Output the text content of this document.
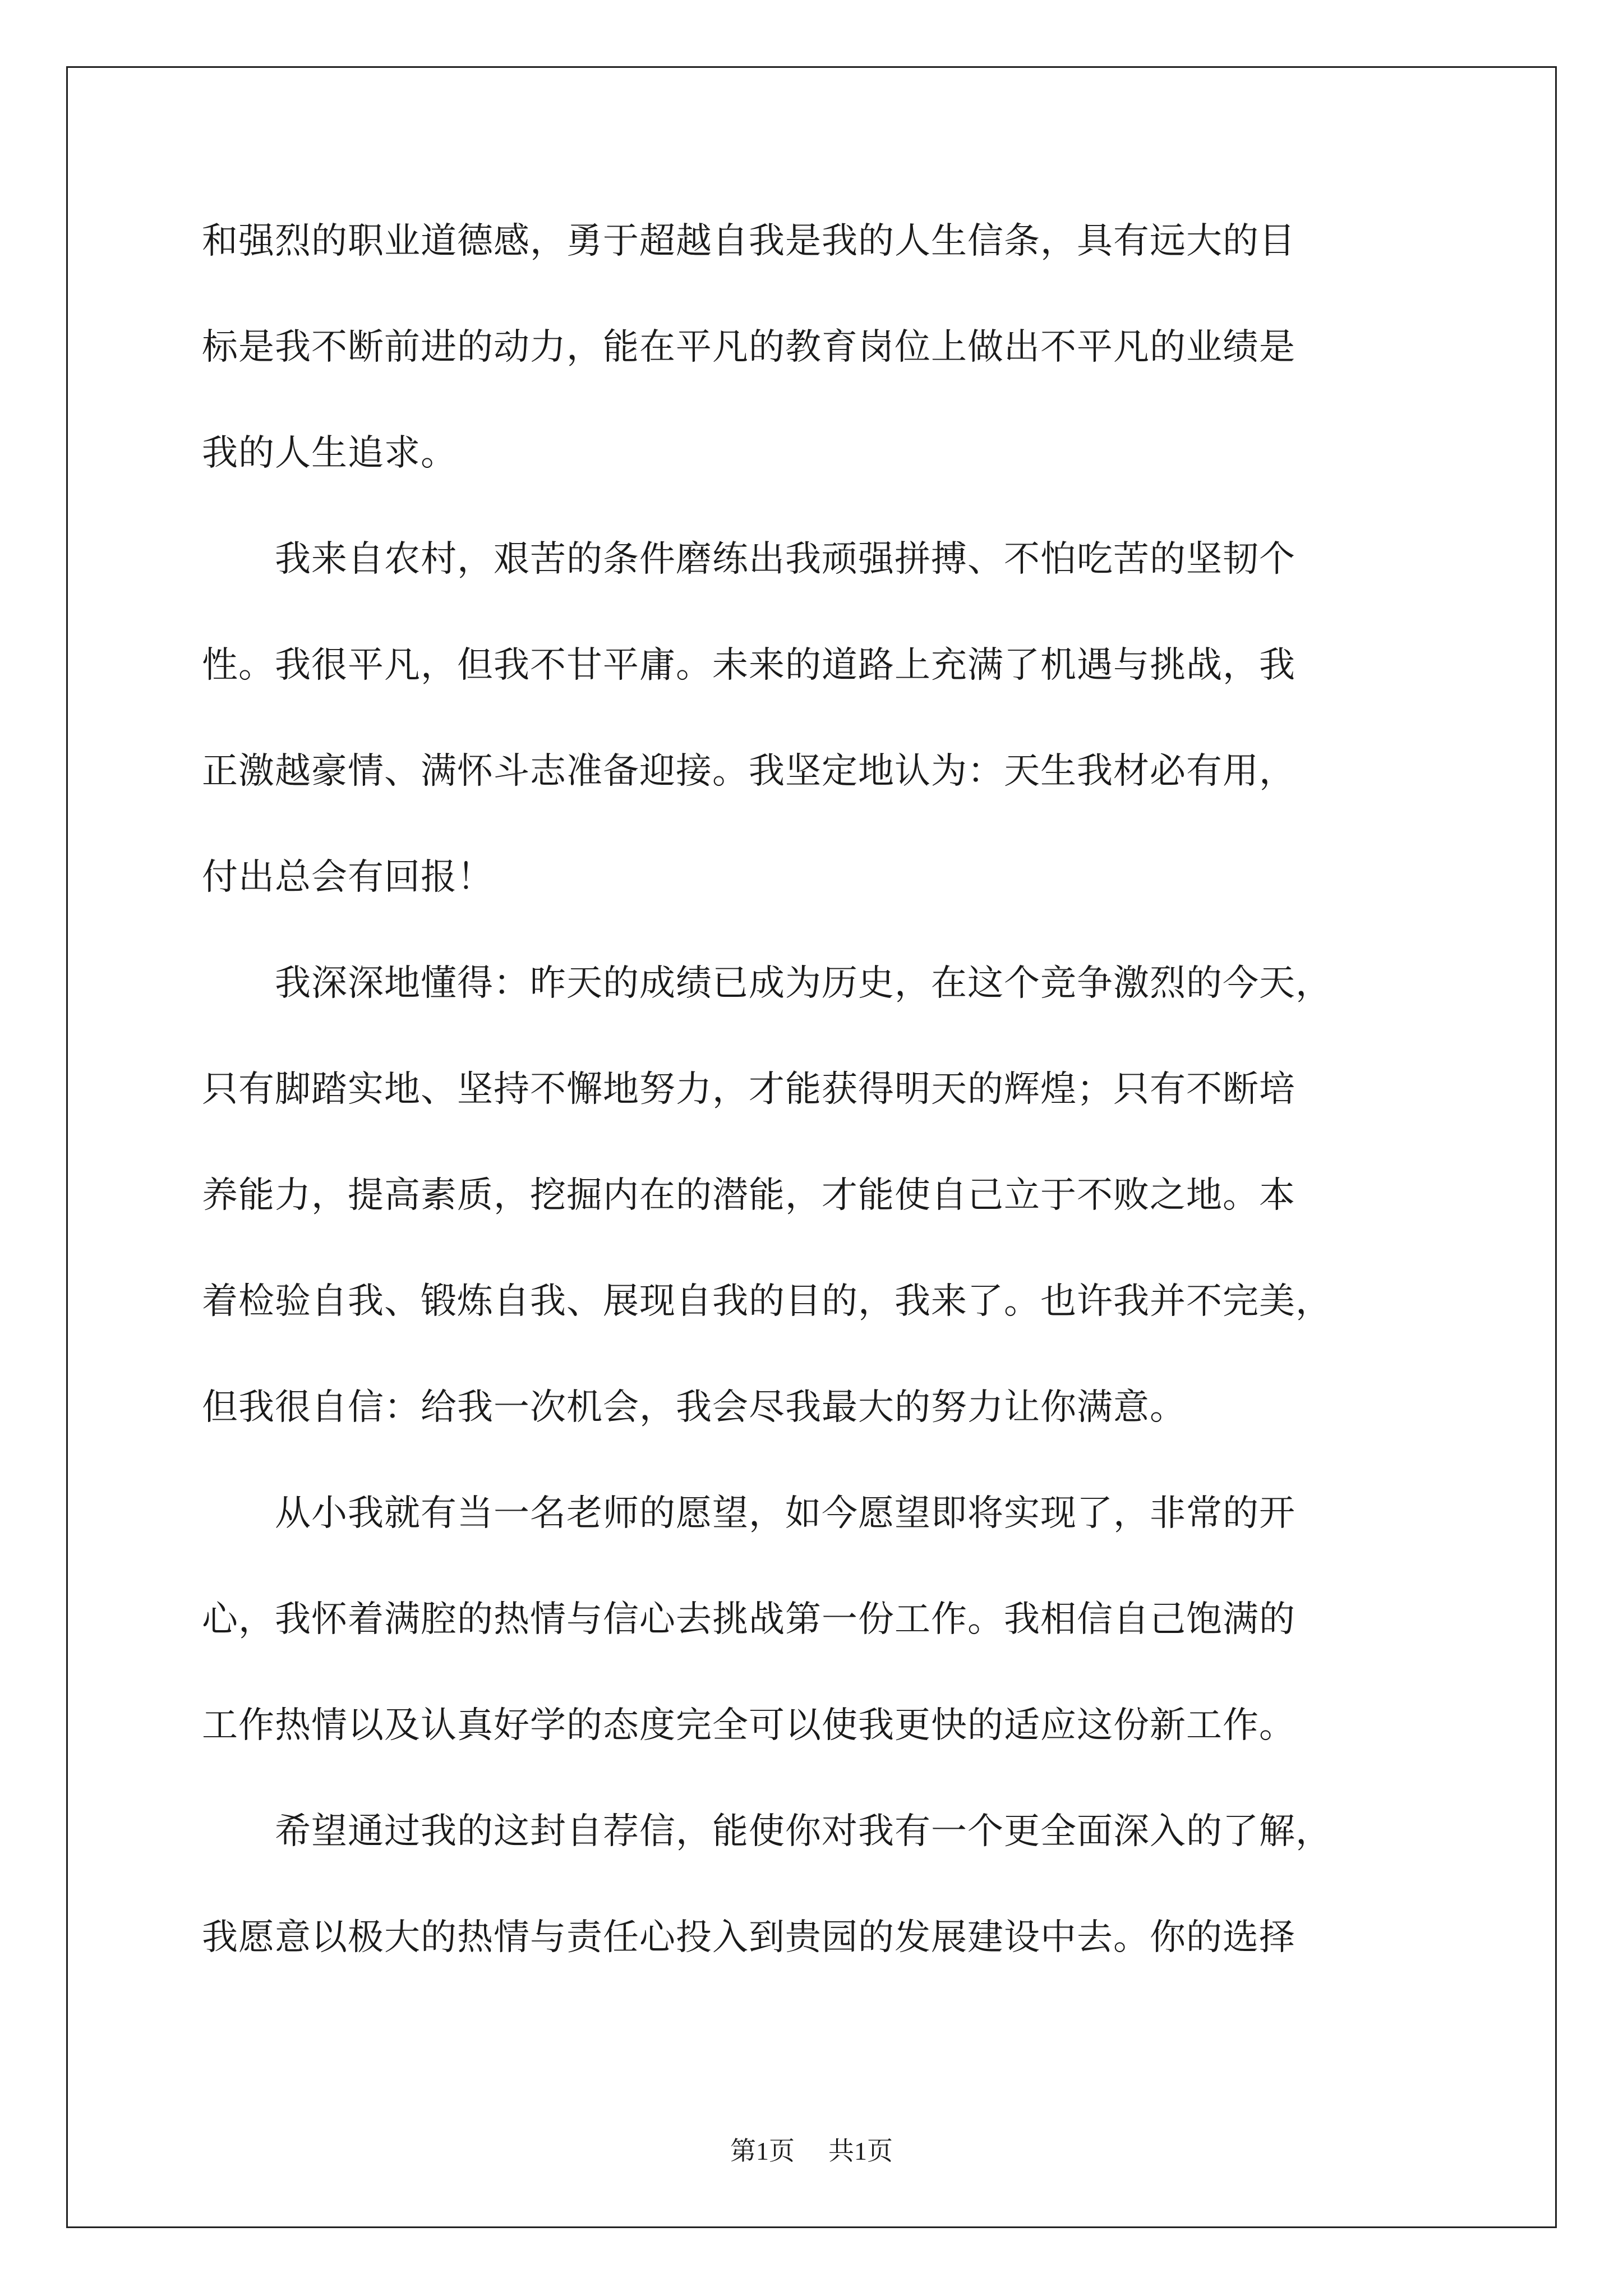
和强烈的职业道德感，勇于超越自我是我的人生信条，具有远大的目
标是我不断前进的动力，能在平凡的教育岗位上做出不平凡的业绩是
我的人生追求。
　　我来自农村，艰苦的条件磨练出我顽强拼搏、不怕吃苦的坚韧个
性。我很平凡，但我不甘平庸。未来的道路上充满了机遇与挑战，我
正激越豪情、满怀斗志准备迎接。我坚定地认为：天生我材必有用，
付出总会有回报！
　　我深深地懂得：昨天的成绩已成为历史，在这个竞争激烈的今天，
只有脚踏实地、坚持不懈地努力，才能获得明天的辉煌；只有不断培
养能力，提高素质，挖掘内在的潜能，才能使自己立于不败之地。本
着检验自我、锻炼自我、展现自我的目的，我来了。也许我并不完美，
但我很自信：给我一次机会，我会尽我最大的努力让你满意。
　　从小我就有当一名老师的愿望，如今愿望即将实现了，非常的开
心，我怀着满腔的热情与信心去挑战第一份工作。我相信自己饱满的
工作热情以及认真好学的态度完全可以使我更快的适应这份新工作。
　　希望通过我的这封自荐信，能使你对我有一个更全面深入的了解，
我愿意以极大的热情与责任心投入到贵园的发展建设中去。你的选择
第1页 共1页
